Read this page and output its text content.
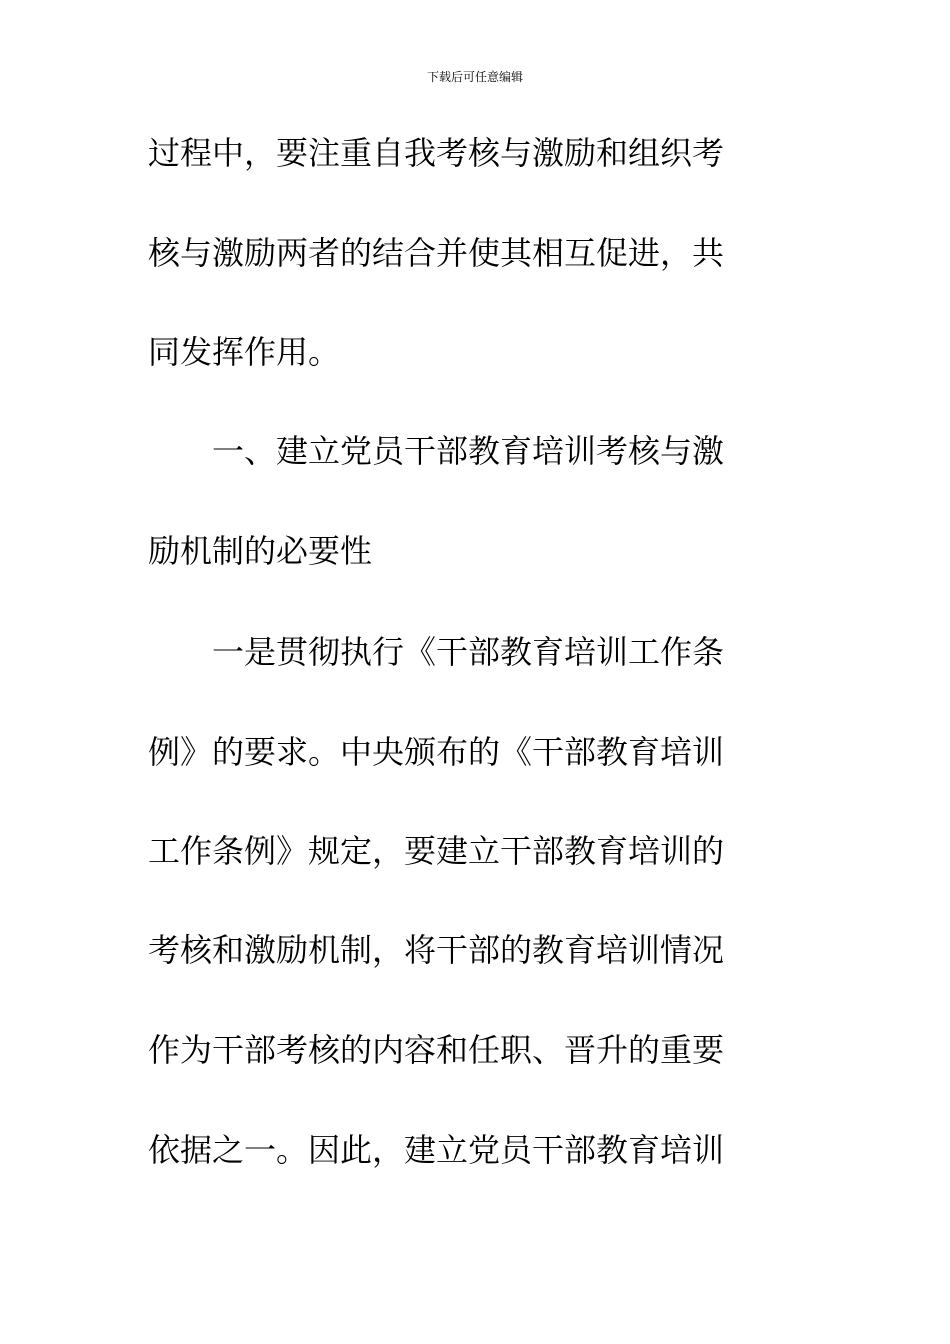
下载后可任意编辑
过程中，要注重自我考核与激励和组织考
核与激励两者的结合并使其相互促进，共
同发挥作用。
　　一、建立党员干部教育培训考核与激
励机制的必要性
　　一是贯彻执行《干部教育培训工作条
例》的要求。中央颁布的《干部教育培训
工作条例》规定，要建立干部教育培训的
考核和激励机制，将干部的教育培训情况
作为干部考核的内容和任职、晋升的重要
依据之一。因此，建立党员干部教育培训
